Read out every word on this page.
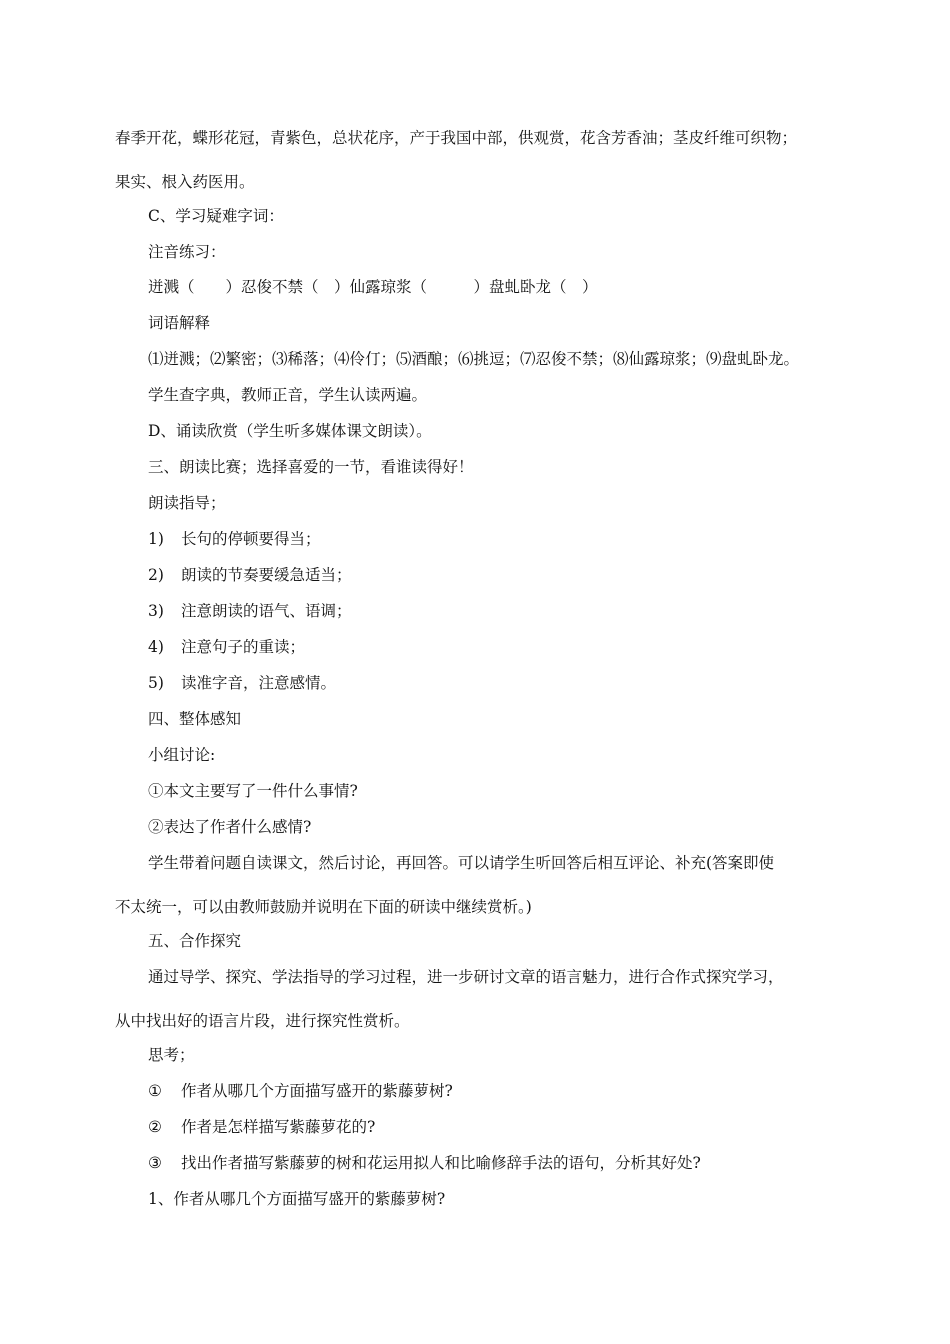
春季开花，蝶形花冠，青紫色，总状花序，产于我国中部，供观赏，花含芳香油；茎皮纤维可织物；
果实、根入药医用。
C、学习疑难字词：
注音练习：
迸溅（　　）忍俊不禁（　）仙露琼浆（　　　）盘虬卧龙（　）
词语解释
⑴迸溅；⑵繁密；⑶稀落；⑷伶仃；⑸酒酿；⑹挑逗；⑺忍俊不禁；⑻仙露琼浆；⑼盘虬卧龙。
学生查字典，教师正音，学生认读两遍。
D、诵读欣赏（学生听多媒体课文朗读）。
三、朗读比赛；选择喜爱的一节，看谁读得好！
朗读指导；
1) 长句的停顿要得当；
2) 朗读的节奏要缓急适当；
3) 注意朗读的语气、语调；
4) 注意句子的重读；
5) 读准字音，注意感情。
四、整体感知
小组讨论:
①本文主要写了一件什么事情?
②表达了作者什么感情?
学生带着问题自读课文，然后讨论，再回答。可以请学生听回答后相互评论、补充(答案即使
不太统一，可以由教师鼓励并说明在下面的研读中继续赏析。)
五、合作探究
通过导学、探究、学法指导的学习过程，进一步研讨文章的语言魅力，进行合作式探究学习，
从中找出好的语言片段，进行探究性赏析。
思考；
① 作者从哪几个方面描写盛开的紫藤萝树?
② 作者是怎样描写紫藤萝花的?
③ 找出作者描写紫藤萝的树和花运用拟人和比喻修辞手法的语句，分析其好处?
1、作者从哪几个方面描写盛开的紫藤萝树?
